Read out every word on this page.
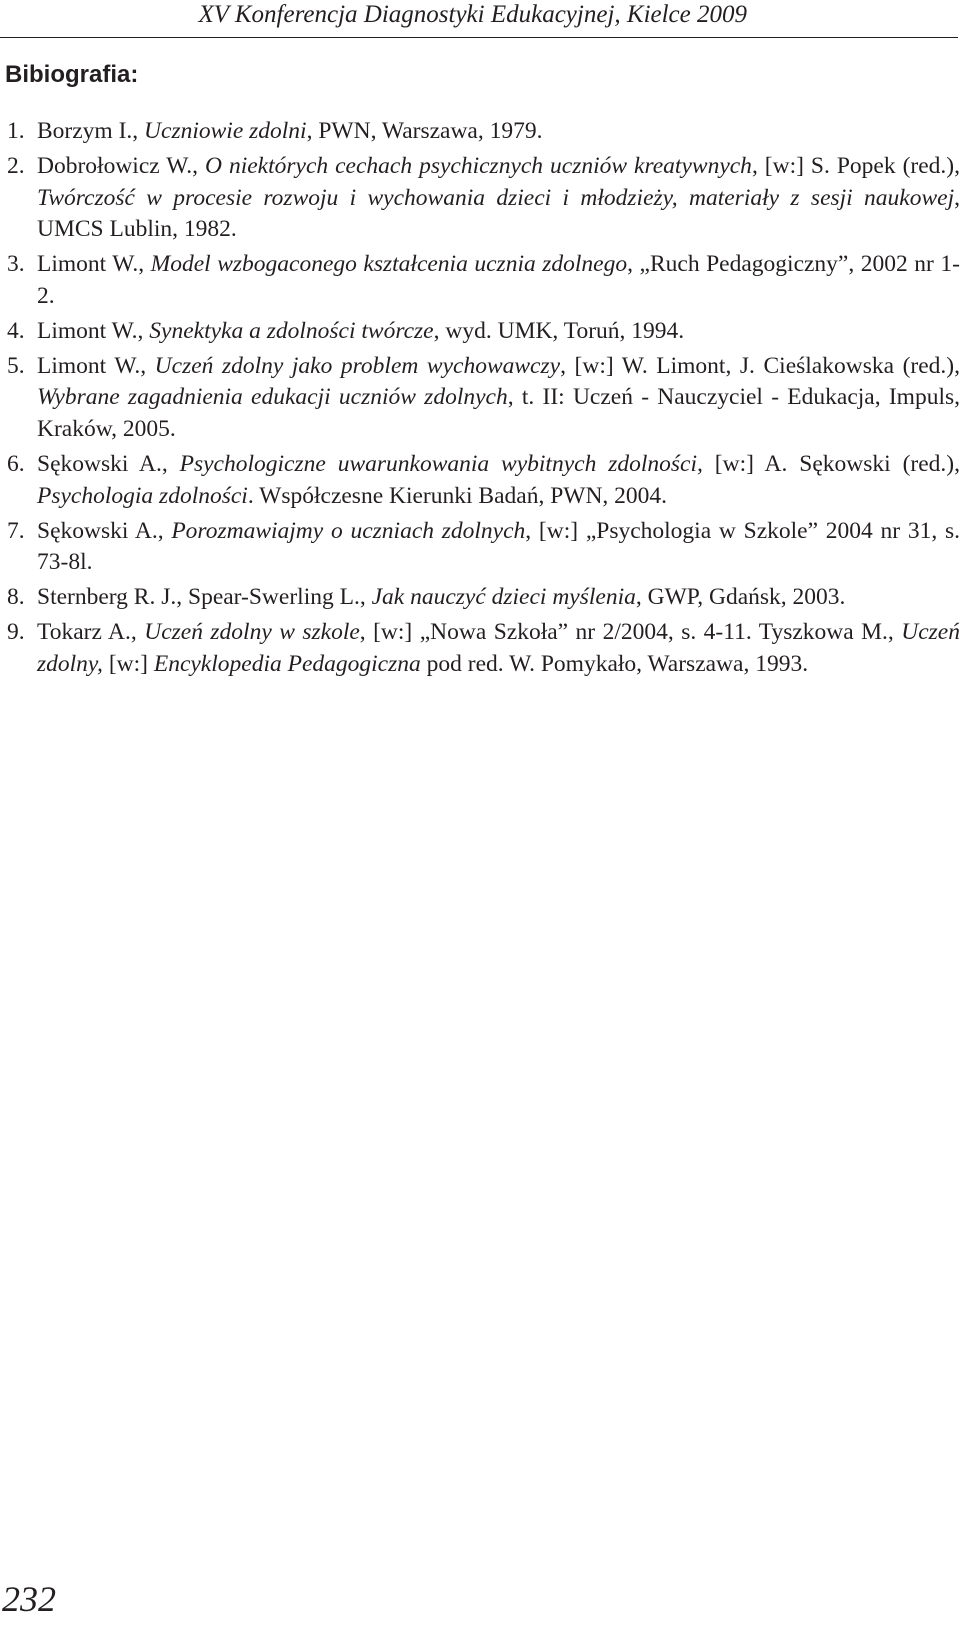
XV Konferencja Diagnostyki Edukacyjnej, Kielce 2009
Bibiografia:
1. Borzym I., Uczniowie zdolni, PWN, Warszawa, 1979.
2. Dobrołowicz W., O niektórych cechach psychicznych uczniów kreatywnych, [w:] S. Popek (red.), Twórczość w procesie rozwoju i wychowania dzieci i młodzieży, materiały z sesji naukowej, UMCS Lublin, 1982.
3. Limont W., Model wzbogaconego kształcenia ucznia zdolnego, „Ruch Pedagogiczny”, 2002 nr 1-2.
4. Limont W., Synektyka a zdolności twórcze, wyd. UMK, Toruń, 1994.
5. Limont W., Uczeń zdolny jako problem wychowawczy, [w:] W. Limont, J. Cieślakowska (red.), Wybrane zagadnienia edukacji uczniów zdolnych, t. II: Uczeń - Nauczyciel - Edukacja, Impuls, Kraków, 2005.
6. Sękowski A., Psychologiczne uwarunkowania wybitnych zdolności, [w:] A. Sękowski (red.), Psychologia zdolności. Współczesne Kierunki Badań, PWN, 2004.
7. Sękowski A., Porozmawiajmy o uczniach zdolnych, [w:] „Psychologia w Szkole” 2004 nr 31, s. 73-8l.
8. Sternberg R. J., Spear-Swerling L., Jak nauczyć dzieci myślenia, GWP, Gdańsk, 2003.
9. Tokarz A., Uczeń zdolny w szkole, [w:] „Nowa Szkoła” nr 2/2004, s. 4-11. Tyszkowa M., Uczeń zdolny, [w:] Encyklopedia Pedagogiczna pod red. W. Pomykało, Warszawa, 1993.
232
